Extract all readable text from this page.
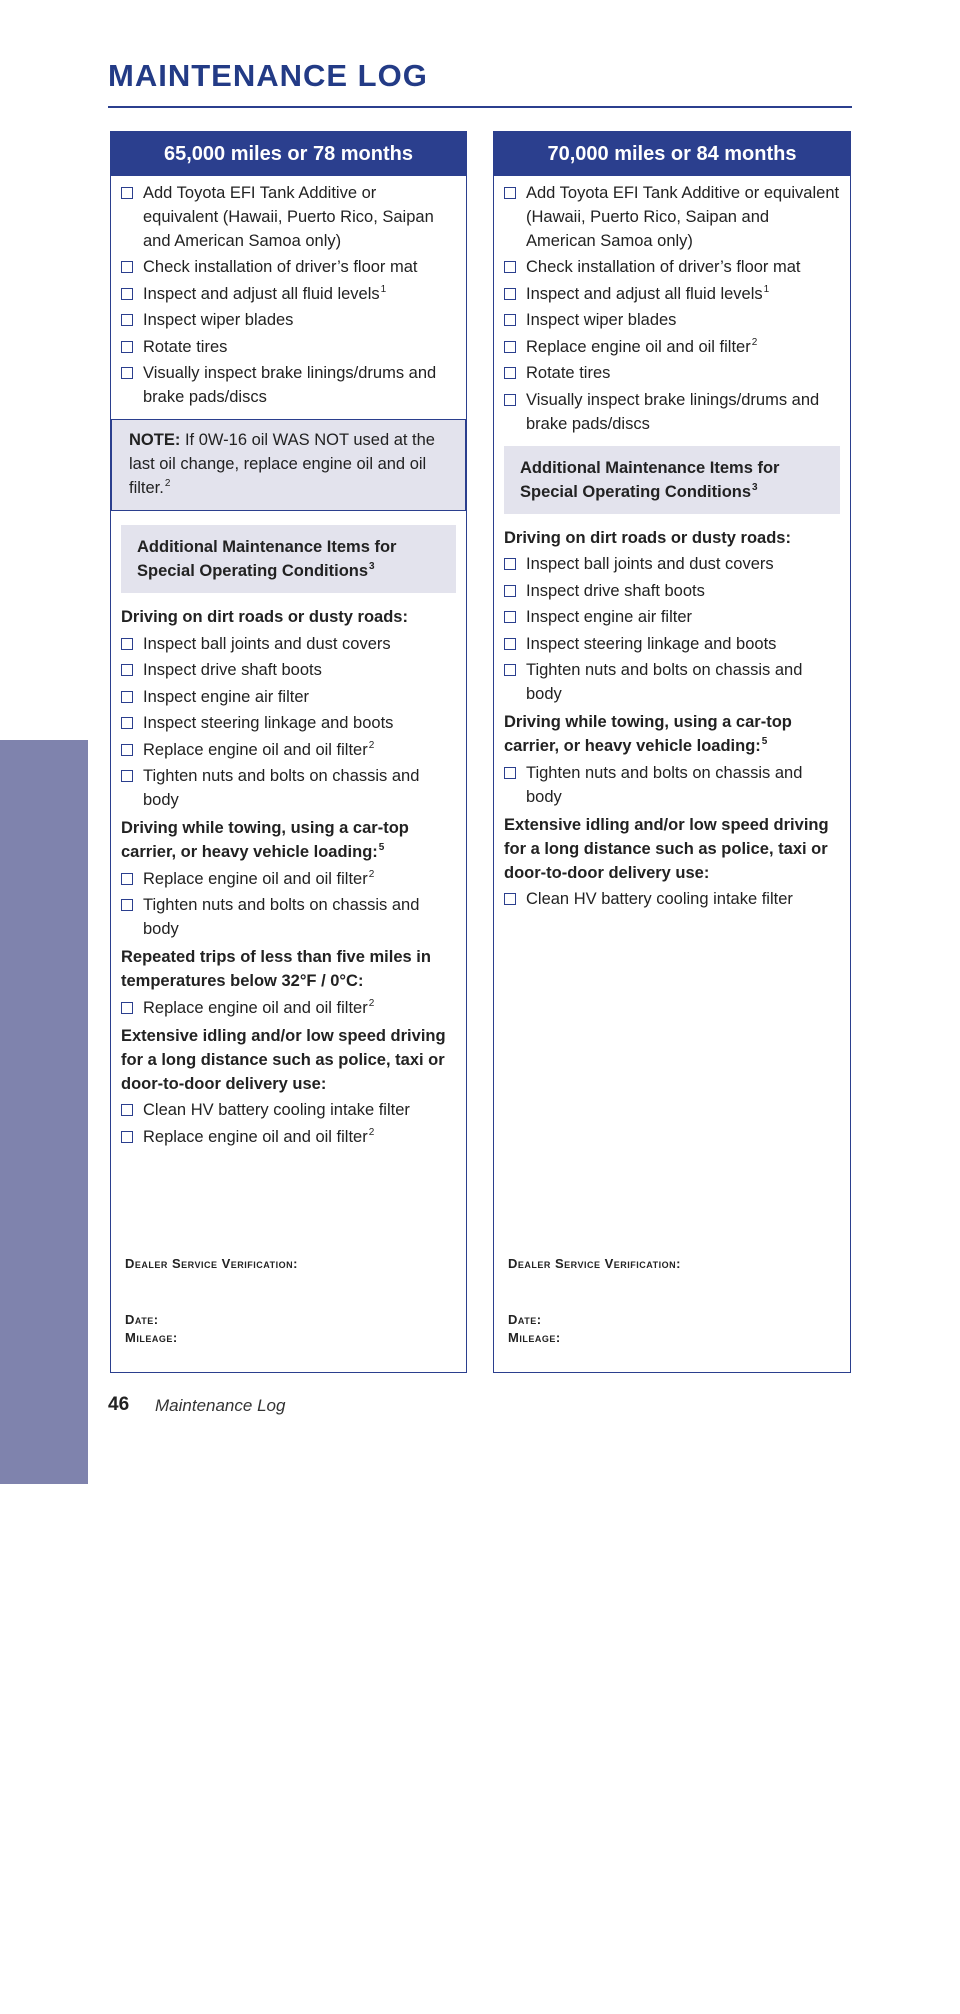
MAINTENANCE LOG
MAINTENANCE
65,000 miles or 78 months
Add Toyota EFI Tank Additive or equivalent (Hawaii, Puerto Rico, Saipan and American Samoa only)
Check installation of driver’s floor mat
Inspect and adjust all fluid levels$^1$
Inspect wiper blades
Rotate tires
Visually inspect brake linings/drums and brake pads/discs
NOTE: If 0W-16 oil WAS NOT used at the last oil change, replace engine oil and oil filter.$^2$
Additional Maintenance Items for Special Operating Conditions$^3$
Driving on dirt roads or dusty roads:
Inspect ball joints and dust covers
Inspect drive shaft boots
Inspect engine air filter
Inspect steering linkage and boots
Replace engine oil and oil filter$^2$
Tighten nuts and bolts on chassis and body
Driving while towing, using a car-top carrier, or heavy vehicle loading:$^5$
Replace engine oil and oil filter$^2$
Tighten nuts and bolts on chassis and body
Repeated trips of less than five miles in temperatures below 32°F / 0°C:
Replace engine oil and oil filter$^2$
Extensive idling and/or low speed driving for a long distance such as police, taxi or door-to-door delivery use:
Clean HV battery cooling intake filter
Replace engine oil and oil filter$^2$
Dealer Service Verification:
Date:
Mileage:
70,000 miles or 84 months
Add Toyota EFI Tank Additive or equivalent (Hawaii, Puerto Rico, Saipan and American Samoa only)
Check installation of driver’s floor mat
Inspect and adjust all fluid levels$^1$
Inspect wiper blades
Replace engine oil and oil filter$^2$
Rotate tires
Visually inspect brake linings/drums and brake pads/discs
Additional Maintenance Items for Special Operating Conditions$^3$
Driving on dirt roads or dusty roads:
Inspect ball joints and dust covers
Inspect drive shaft boots
Inspect engine air filter
Inspect steering linkage and boots
Tighten nuts and bolts on chassis and body
Driving while towing, using a car-top carrier, or heavy vehicle loading:$^5$
Tighten nuts and bolts on chassis and body
Extensive idling and/or low speed driving for a long distance such as police, taxi or door-to-door delivery use:
Clean HV battery cooling intake filter
Dealer Service Verification:
Date:
Mileage:
46 Maintenance Log
